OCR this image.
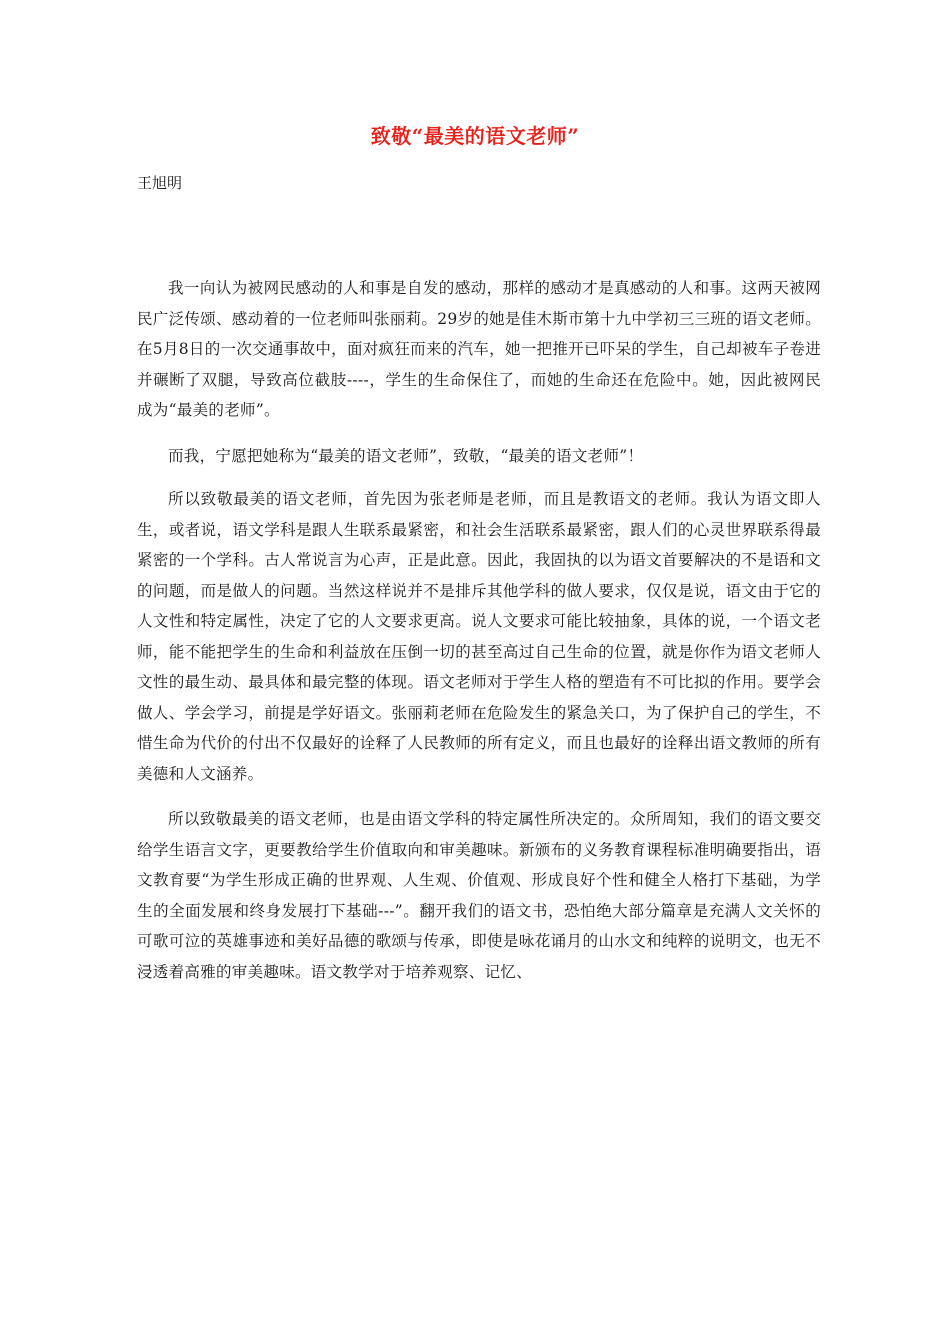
致敬“最美的语文老师”
王旭明

我一向认为被网民感动的人和事是自发的感动，那样的感动才是真感动的人和事。这两天被网民广泛传颂、感动着的一位老师叫张丽莉。29岁的她是佳木斯市第十九中学初三三班的语文老师。在5月8日的一次交通事故中，面对疯狂而来的汽车，她一把推开已吓呆的学生，自己却被车子卷进并碾断了双腿，导致高位截肢----，学生的生命保住了，而她的生命还在危险中。她，因此被网民成为“最美的老师”。

而我，宁愿把她称为“最美的语文老师”，致敬，“最美的语文老师”！

所以致敬最美的语文老师，首先因为张老师是老师，而且是教语文的老师。我认为语文即人生，或者说，语文学科是跟人生联系最紧密，和社会生活联系最紧密，跟人们的心灵世界联系得最紧密的一个学科。古人常说言为心声，正是此意。因此，我固执的以为语文首要解决的不是语和文的问题，而是做人的问题。当然这样说并不是排斥其他学科的做人要求，仅仅是说，语文由于它的人文性和特定属性，决定了它的人文要求更高。说人文要求可能比较抽象，具体的说，一个语文老师，能不能把学生的生命和利益放在压倒一切的甚至高过自己生命的位置，就是你作为语文老师人文性的最生动、最具体和最完整的体现。语文老师对于学生人格的塑造有不可比拟的作用。要学会做人、学会学习，前提是学好语文。张丽莉老师在危险发生的紧急关口，为了保护自己的学生，不惜生命为代价的付出不仅最好的诠释了人民教师的所有定义，而且也最好的诠释出语文教师的所有美德和人文涵养。

所以致敬最美的语文老师，也是由语文学科的特定属性所决定的。众所周知，我们的语文要交给学生语言文字，更要教给学生价值取向和审美趣味。新颁布的义务教育课程标准明确要指出，语文教育要“为学生形成正确的世界观、人生观、价值观、形成良好个性和健全人格打下基础，为学生的全面发展和终身发展打下基础---”。翻开我们的语文书，恐怕绝大部分篇章是充满人文关怀的可歌可泣的英雄事迹和美好品德的歌颂与传承，即使是咏花诵月的山水文和纯粹的说明文，也无不浸透着高雅的审美趣味。语文教学对于培养观察、记忆、
